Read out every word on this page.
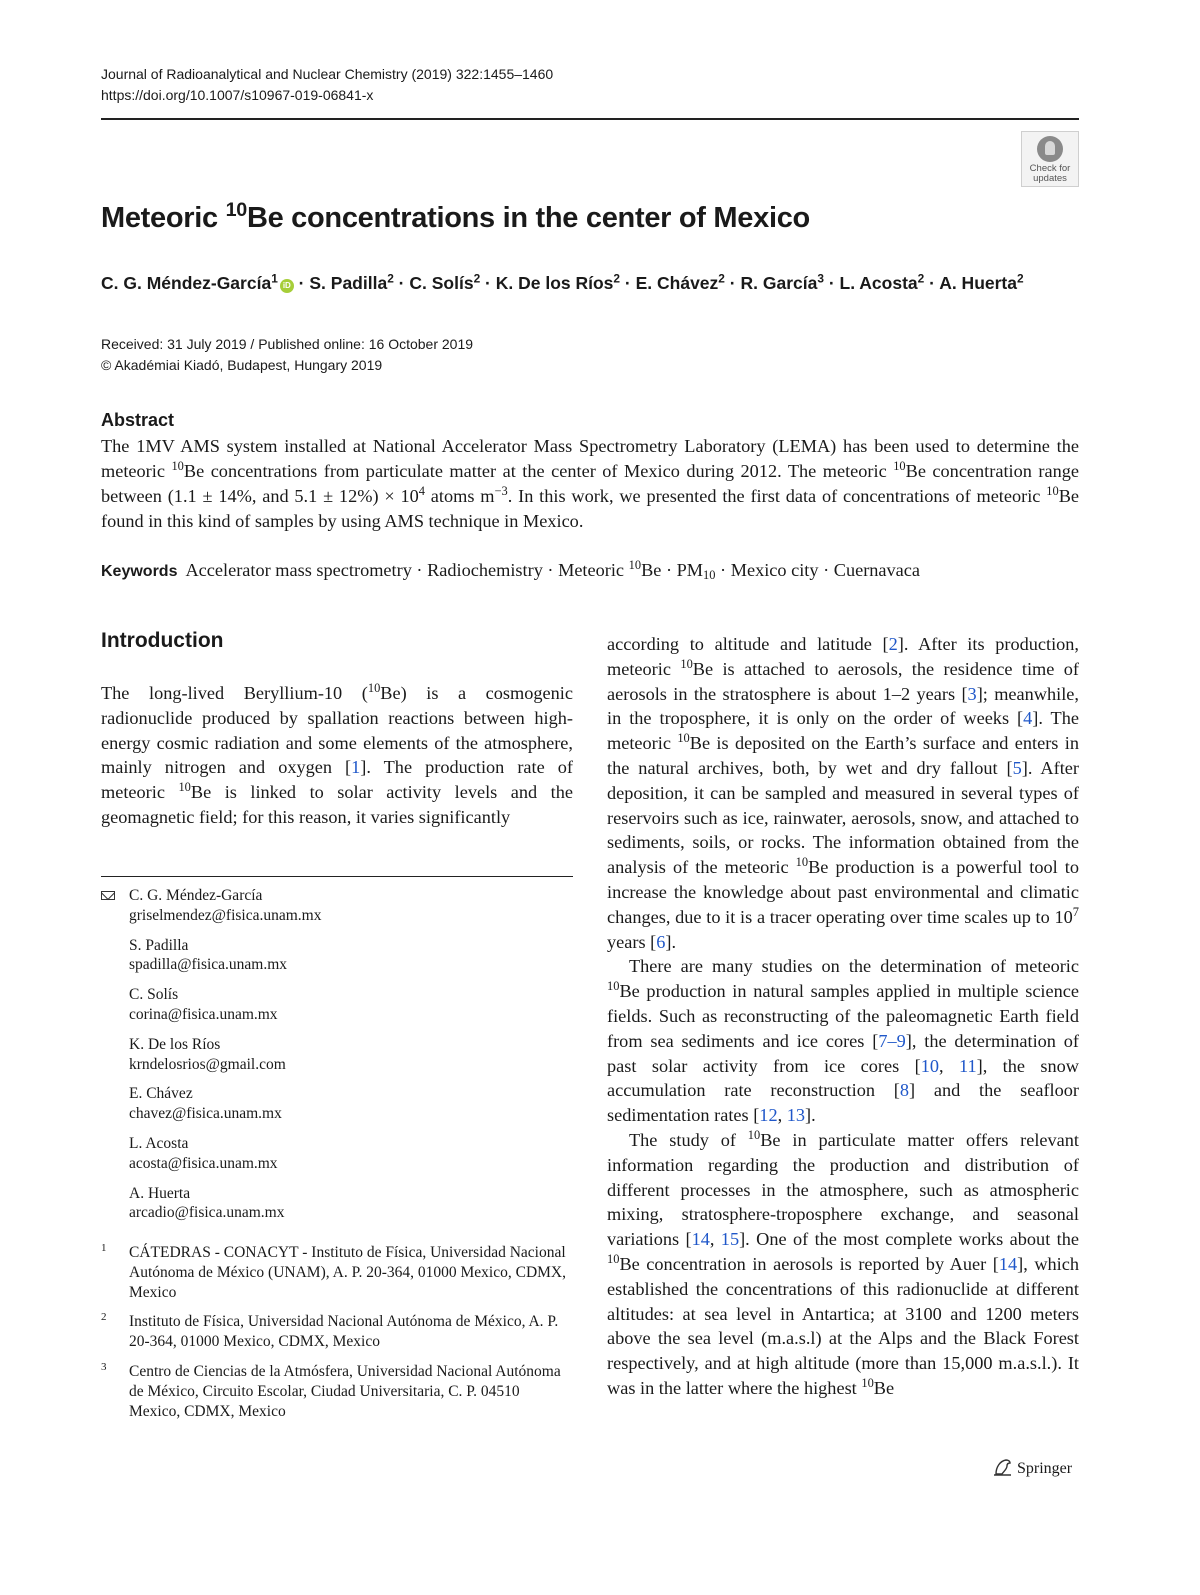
Journal of Radioanalytical and Nuclear Chemistry (2019) 322:1455–1460
https://doi.org/10.1007/s10967-019-06841-x
Check for
updates
Meteoric $^{10}$Be concentrations in the center of Mexico
C. G. Méndez-García$^1$iD · S. Padilla$^2$ · C. Solís$^2$ · K. De los Ríos$^2$ · E. Chávez$^2$ · R. García$^3$ · L. Acosta$^2$ · A. Huerta$^2$
Received: 31 July 2019 / Published online: 16 October 2019
© Akadémiai Kiadó, Budapest, Hungary 2019
Abstract
The 1MV AMS system installed at National Accelerator Mass Spectrometry Laboratory (LEMA) has been used to determine the meteoric $^{10}$Be concentrations from particulate matter at the center of Mexico during 2012. The meteoric $^{10}$Be concentration range between (1.1 ± 14%, and $5.1 \pm 12\%) \times 10^4$ atoms $m^{-3}$. In this work, we presented the first data of concentrations of meteoric $^{10}$Be found in this kind of samples by using AMS technique in Mexico.
Keywords Accelerator mass spectrometry · Radiochemistry · Meteoric $^{10}Be \cdot PM_{10}$ · Mexico city · Cuernavaca
Introduction
The long-lived Beryllium-10 ($^{10}$Be) is a cosmogenic radionuclide produced by spallation reactions between high-energy cosmic radiation and some elements of the atmosphere, mainly nitrogen and oxygen [1]. The production rate of meteoric $^{10}$Be is linked to solar activity levels and the geomagnetic field; for this reason, it varies significantly
C. G. Méndez-García
griselmendez@fisica.unam.mx
S. Padilla
spadilla@fisica.unam.mx
C. Solís
corina@fisica.unam.mx
K. De los Ríos
krndelosrios@gmail.com
E. Chávez
chavez@fisica.unam.mx
L. Acosta
acosta@fisica.unam.mx
A. Huerta
arcadio@fisica.unam.mx
1 CÁTEDRAS - CONACYT - Instituto de Física, Universidad Nacional Autónoma de México (UNAM), A. P. 20-364, 01000 Mexico, CDMX, Mexico
2 Instituto de Física, Universidad Nacional Autónoma de México, A. P. 20-364, 01000 Mexico, CDMX, Mexico
3 Centro de Ciencias de la Atmósfera, Universidad Nacional Autónoma de México, Circuito Escolar, Ciudad Universitaria, C. P. 04510 Mexico, CDMX, Mexico

according to altitude and latitude [2]. After its production, meteoric $^{10}$Be is attached to aerosols, the residence time of aerosols in the stratosphere is about 1–2 years [3]; meanwhile, in the troposphere, it is only on the order of weeks [4]. The meteoric $^{10}$Be is deposited on the Earth’s surface and enters in the natural archives, both, by wet and dry fallout [5]. After deposition, it can be sampled and measured in several types of reservoirs such as ice, rainwater, aerosols, snow, and attached to sediments, soils, or rocks. The information obtained from the analysis of the meteoric $^{10}$Be production is a powerful tool to increase the knowledge about past environmental and climatic changes, due to it is a tracer operating over time scales up to $10^7$ years [6].

There are many studies on the determination of meteoric $^{10}$Be production in natural samples applied in multiple science fields. Such as reconstructing of the paleomagnetic Earth field from sea sediments and ice cores [7–9], the determination of past solar activity from ice cores [10, 11], the snow accumulation rate reconstruction [8] and the seafloor sedimentation rates [12, 13].

The study of $^{10}$Be in particulate matter offers relevant information regarding the production and distribution of different processes in the atmosphere, such as atmospheric mixing, stratosphere-troposphere exchange, and seasonal variations [14, 15]. One of the most complete works about the $^{10}$Be concentration in aerosols is reported by Auer [14], which established the concentrations of this radionuclide at different altitudes: at sea level in Antartica; at 3100 and 1200 meters above the sea level (m.a.s.l) at the Alps and the Black Forest respectively, and at high altitude (more than 15,000 m.a.s.l.). It was in the latter where the highest $^{10}$Be

Springer
